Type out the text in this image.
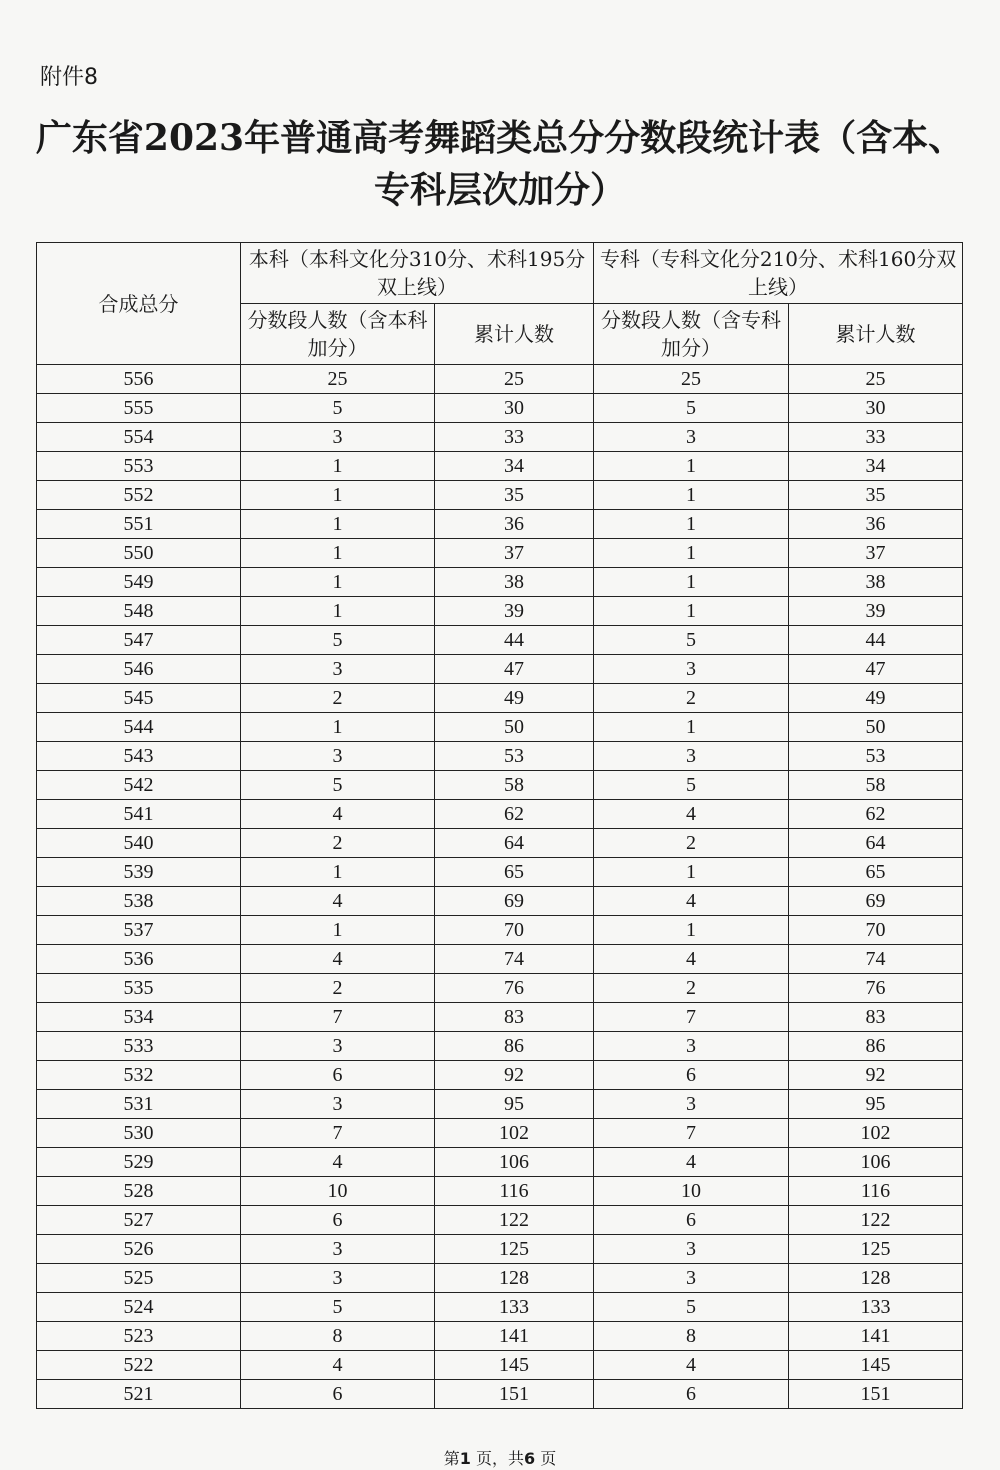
附件8
广东省2023年普通高考舞蹈类总分分数段统计表（含本、专科层次加分）
合成总分	本科（本科文化分310分、术科195分双上线）		专科（专科文化分210分、术科160分双上线）	
	分数段人数（含本科加分）	累计人数	分数段人数（含专科加分）	累计人数
556	25	25	25	25
555	5	30	5	30
554	3	33	3	33
553	1	34	1	34
552	1	35	1	35
551	1	36	1	36
550	1	37	1	37
549	1	38	1	38
548	1	39	1	39
547	5	44	5	44
546	3	47	3	47
545	2	49	2	49
544	1	50	1	50
543	3	53	3	53
542	5	58	5	58
541	4	62	4	62
540	2	64	2	64
539	1	65	1	65
538	4	69	4	69
537	1	70	1	70
536	4	74	4	74
535	2	76	2	76
534	7	83	7	83
533	3	86	3	86
532	6	92	6	92
531	3	95	3	95
530	7	102	7	102
529	4	106	4	106
528	10	116	10	116
527	6	122	6	122
526	3	125	3	125
525	3	128	3	128
524	5	133	5	133
523	8	141	8	141
522	4	145	4	145
521	6	151	6	151
第1 页，共6 页
